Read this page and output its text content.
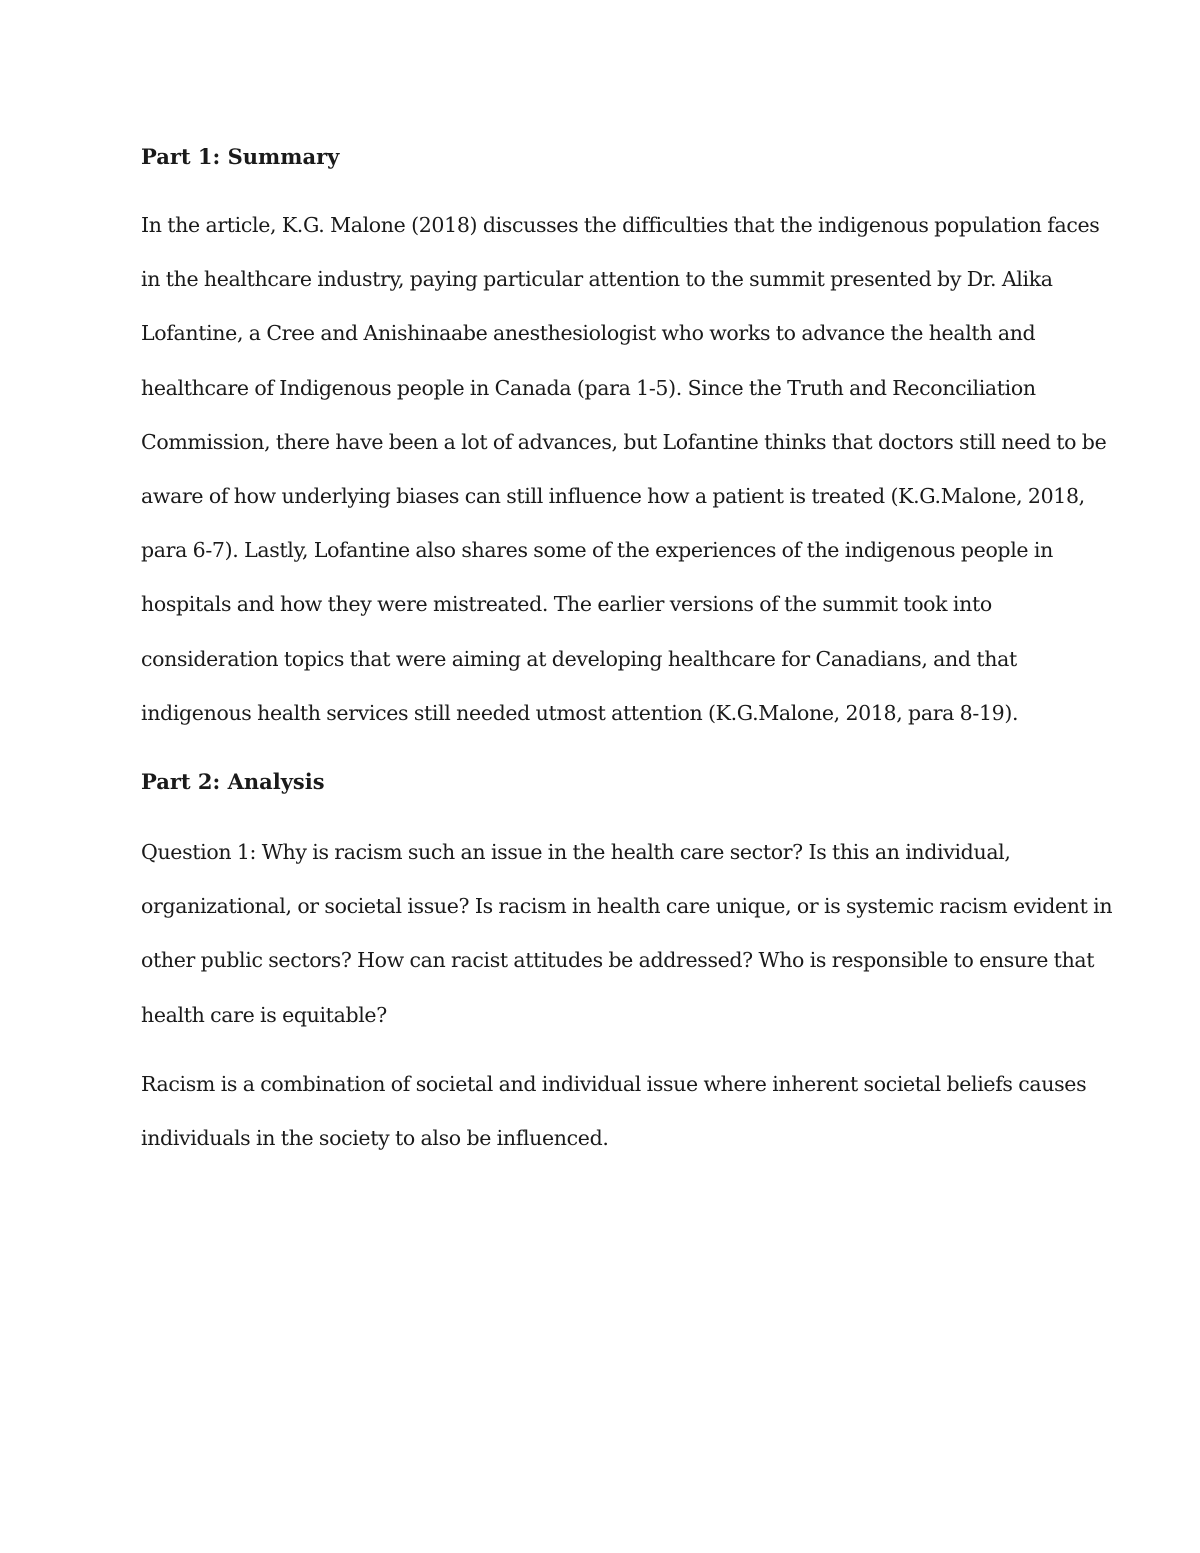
Part 1: Summary
In the article, K.G. Malone (2018) discusses the difficulties that the indigenous population faces
in the healthcare industry, paying particular attention to the summit presented by Dr. Alika
Lofantine, a Cree and Anishinaabe anesthesiologist who works to advance the health and
healthcare of Indigenous people in Canada (para 1-5). Since the Truth and Reconciliation
Commission, there have been a lot of advances, but Lofantine thinks that doctors still need to be
aware of how underlying biases can still influence how a patient is treated (K.G.Malone, 2018,
para 6-7). Lastly, Lofantine also shares some of the experiences of the indigenous people in
hospitals and how they were mistreated. The earlier versions of the summit took into
consideration topics that were aiming at developing healthcare for Canadians, and that
indigenous health services still needed utmost attention (K.G.Malone, 2018, para 8-19).
Part 2: Analysis
Question 1: Why is racism such an issue in the health care sector? Is this an individual,
organizational, or societal issue? Is racism in health care unique, or is systemic racism evident in
other public sectors? How can racist attitudes be addressed? Who is responsible to ensure that
health care is equitable?
Racism is a combination of societal and individual issue where inherent societal beliefs causes
individuals in the society to also be influenced.
